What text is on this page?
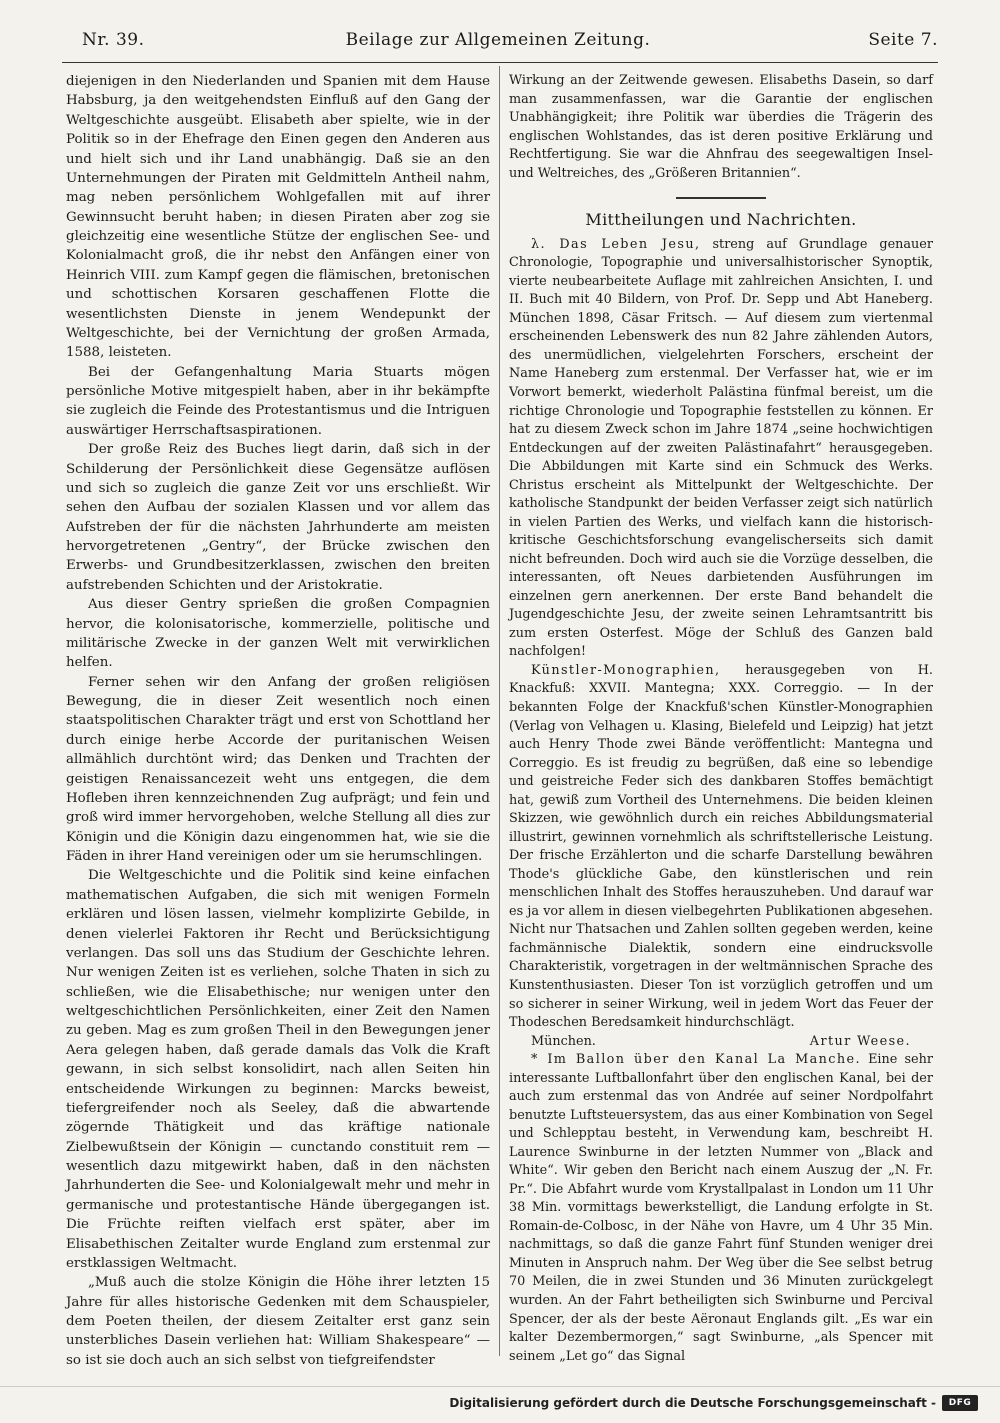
Nr. 39.	Beilage zur Allgemeinen Zeitung.	Seite 7.

diejenigen in den Niederlanden und Spanien mit dem Hause Habsburg, ja den weitgehendsten Einfluß auf den Gang der Weltgeschichte ausgeübt. Elisabeth aber spielte, wie in der Politik so in der Ehefrage den Einen gegen den Anderen aus und hielt sich und ihr Land unabhängig. Daß sie an den Unternehmungen der Piraten mit Geldmitteln Antheil nahm, mag neben persönlichem Wohlgefallen mit auf ihrer Gewinnsucht beruht haben; in diesen Piraten aber zog sie gleichzeitig eine wesentliche Stütze der englischen See- und Kolonialmacht groß, die ihr nebst den Anfängen einer von Heinrich VIII. zum Kampf gegen die flämischen, bretonischen und schottischen Korsaren geschaffenen Flotte die wesentlichsten Dienste in jenem Wendepunkt der Weltgeschichte, bei der Vernichtung der großen Armada, 1588, leisteten.

Bei der Gefangenhaltung Maria Stuarts mögen persönliche Motive mitgespielt haben, aber in ihr bekämpfte sie zugleich die Feinde des Protestantismus und die Intriguen auswärtiger Herrschaftsaspirationen.

Der große Reiz des Buches liegt darin, daß sich in der Schilderung der Persönlichkeit diese Gegensätze auflösen und sich so zugleich die ganze Zeit vor uns erschließt. Wir sehen den Aufbau der sozialen Klassen und vor allem das Aufstreben der für die nächsten Jahrhunderte am meisten hervorgetretenen „Gentry“, der Brücke zwischen den Erwerbs- und Grundbesitzerklassen, zwischen den breiten aufstrebenden Schichten und der Aristokratie.

Aus dieser Gentry sprießen die großen Compagnien hervor, die kolonisatorische, kommerzielle, politische und militärische Zwecke in der ganzen Welt mit verwirklichen helfen.

Ferner sehen wir den Anfang der großen religiösen Bewegung, die in dieser Zeit wesentlich noch einen staatspolitischen Charakter trägt und erst von Schottland her durch einige herbe Accorde der puritanischen Weisen allmählich durchtönt wird; das Denken und Trachten der geistigen Renaissancezeit weht uns entgegen, die dem Hofleben ihren kennzeichnenden Zug aufprägt; und fein und groß wird immer hervorgehoben, welche Stellung all dies zur Königin und die Königin dazu eingenommen hat, wie sie die Fäden in ihrer Hand vereinigen oder um sie herumschlingen.

Die Weltgeschichte und die Politik sind keine einfachen mathematischen Aufgaben, die sich mit wenigen Formeln erklären und lösen lassen, vielmehr komplizirte Gebilde, in denen vielerlei Faktoren ihr Recht und Berücksichtigung verlangen. Das soll uns das Studium der Geschichte lehren. Nur wenigen Zeiten ist es verliehen, solche Thaten in sich zu schließen, wie die Elisabethische; nur wenigen unter den weltgeschichtlichen Persönlichkeiten, einer Zeit den Namen zu geben. Mag es zum großen Theil in den Bewegungen jener Aera gelegen haben, daß gerade damals das Volk die Kraft gewann, in sich selbst konsolidirt, nach allen Seiten hin entscheidende Wirkungen zu beginnen: Marcks beweist, tiefergreifender noch als Seeley, daß die abwartende zögernde Thätigkeit und das kräftige nationale Zielbewußtsein der Königin — cunctando constituit rem — wesentlich dazu mitgewirkt haben, daß in den nächsten Jahrhunderten die See- und Kolonialgewalt mehr und mehr in germanische und protestantische Hände übergegangen ist. Die Früchte reiften vielfach erst später, aber im Elisabethischen Zeitalter wurde England zum erstenmal zur erstklassigen Weltmacht.

„Muß auch die stolze Königin die Höhe ihrer letzten 15 Jahre für alles historische Gedenken mit dem Schauspieler, dem Poeten theilen, der diesem Zeitalter erst ganz sein unsterbliches Dasein verliehen hat: William Shakespeare“ — so ist sie doch auch an sich selbst von tiefgreifendster

Wirkung an der Zeitwende gewesen. Elisabeths Dasein, so darf man zusammenfassen, war die Garantie der englischen Unabhängigkeit; ihre Politik war überdies die Trägerin des englischen Wohlstandes, das ist deren positive Erklärung und Rechtfertigung. Sie war die Ahnfrau des seegewaltigen Insel- und Weltreiches, des „Größeren Britannien“.

Mittheilungen und Nachrichten.

λ. Das Leben Jesu, streng auf Grundlage genauer Chronologie, Topographie und universalhistorischer Synoptik, vierte neubearbeitete Auflage mit zahlreichen Ansichten, I. und II. Buch mit 40 Bildern, von Prof. Dr. Sepp und Abt Haneberg. München 1898, Cäsar Fritsch. — Auf diesem zum viertenmal erscheinenden Lebenswerk des nun 82 Jahre zählenden Autors, des unermüdlichen, vielgelehrten Forschers, erscheint der Name Haneberg zum erstenmal. Der Verfasser hat, wie er im Vorwort bemerkt, wiederholt Palästina fünfmal bereist, um die richtige Chronologie und Topographie feststellen zu können. Er hat zu diesem Zweck schon im Jahre 1874 „seine hochwichtigen Entdeckungen auf der zweiten Palästinafahrt“ herausgegeben. Die Abbildungen mit Karte sind ein Schmuck des Werks. Christus erscheint als Mittelpunkt der Weltgeschichte. Der katholische Standpunkt der beiden Verfasser zeigt sich natürlich in vielen Partien des Werks, und vielfach kann die historisch-kritische Geschichtsforschung evangelischerseits sich damit nicht befreunden. Doch wird auch sie die Vorzüge desselben, die interessanten, oft Neues darbietenden Ausführungen im einzelnen gern anerkennen. Der erste Band behandelt die Jugendgeschichte Jesu, der zweite seinen Lehramtsantritt bis zum ersten Osterfest. Möge der Schluß des Ganzen bald nachfolgen!

Künstler-Monographien, herausgegeben von H. Knackfuß: XXVII. Mantegna; XXX. Correggio. — In der bekannten Folge der Knackfuß'schen Künstler-Monographien (Verlag von Velhagen u. Klasing, Bielefeld und Leipzig) hat jetzt auch Henry Thode zwei Bände veröffentlicht: Mantegna und Correggio. Es ist freudig zu begrüßen, daß eine so lebendige und geistreiche Feder sich des dankbaren Stoffes bemächtigt hat, gewiß zum Vortheil des Unternehmens. Die beiden kleinen Skizzen, wie gewöhnlich durch ein reiches Abbildungsmaterial illustrirt, gewinnen vornehmlich als schriftstellerische Leistung. Der frische Erzählerton und die scharfe Darstellung bewähren Thode's glückliche Gabe, den künstlerischen und rein menschlichen Inhalt des Stoffes herauszuheben. Und darauf war es ja vor allem in diesen vielbegehrten Publikationen abgesehen. Nicht nur Thatsachen und Zahlen sollten gegeben werden, keine fachmännische Dialektik, sondern eine eindrucksvolle Charakteristik, vorgetragen in der weltmännischen Sprache des Kunstenthusiasten. Dieser Ton ist vorzüglich getroffen und um so sicherer in seiner Wirkung, weil in jedem Wort das Feuer der Thodeschen Beredsamkeit hindurchschlägt.

München.	Artur Weese.

* Im Ballon über den Kanal La Manche. Eine sehr interessante Luftballonfahrt über den englischen Kanal, bei der auch zum erstenmal das von Andrée auf seiner Nordpolfahrt benutzte Luftsteuersystem, das aus einer Kombination von Segel und Schlepptau besteht, in Verwendung kam, beschreibt H. Laurence Swinburne in der letzten Nummer von „Black and White“. Wir geben den Bericht nach einem Auszug der „N. Fr. Pr.“. Die Abfahrt wurde vom Krystallpalast in London um 11 Uhr 38 Min. vormittags bewerkstelligt, die Landung erfolgte in St. Romain-de-Colbosc, in der Nähe von Havre, um 4 Uhr 35 Min. nachmittags, so daß die ganze Fahrt fünf Stunden weniger drei Minuten in Anspruch nahm. Der Weg über die See selbst betrug 70 Meilen, die in zwei Stunden und 36 Minuten zurückgelegt wurden. An der Fahrt betheiligten sich Swinburne und Percival Spencer, der als der beste Aëronaut Englands gilt. „Es war ein kalter Dezembermorgen,“ sagt Swinburne, „als Spencer mit seinem „Let go“ das Signal

Digitalisierung gefördert durch die Deutsche Forschungsgemeinschaft -	DFG
